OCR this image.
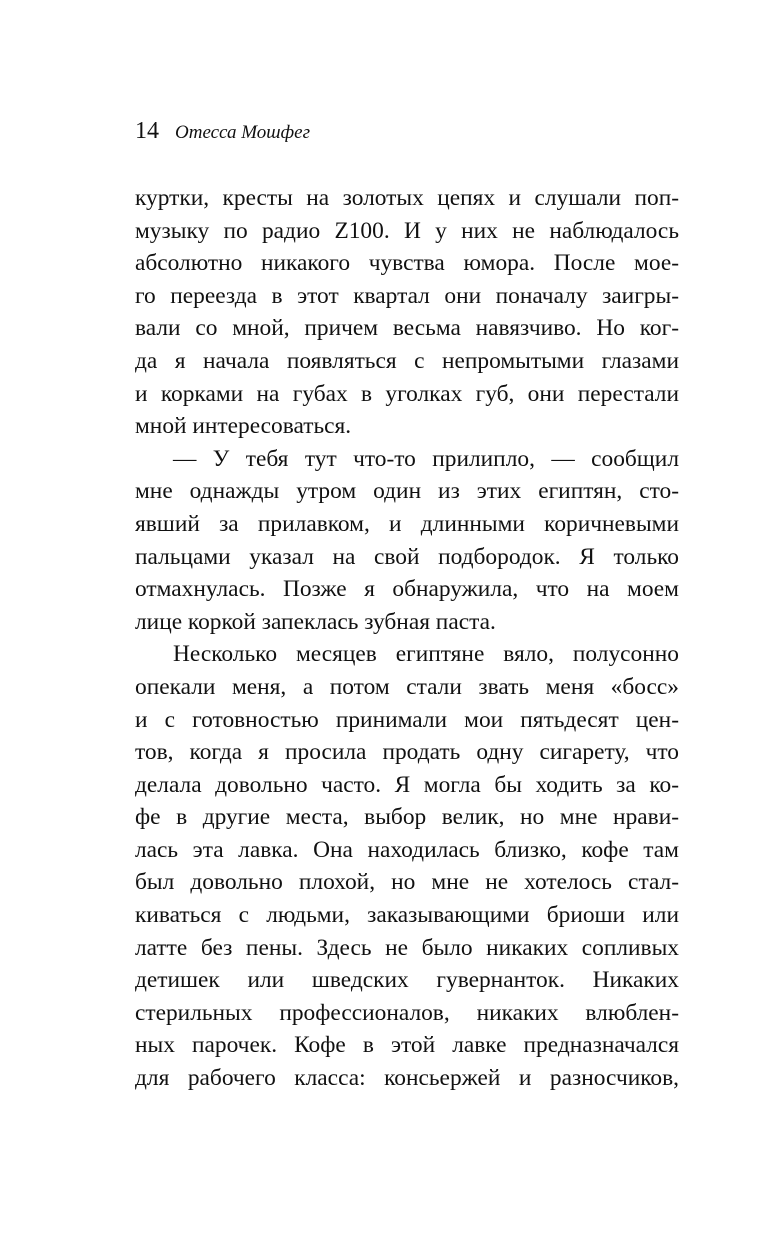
14 Отесса Мошфег
куртки, кресты на золотых цепях и слушали поп-
музыку по радио Z100. И у них не наблюдалось
абсолютно никакого чувства юмора. После мое-
го переезда в этот квартал они поначалу заигры-
вали со мной, причем весьма навязчиво. Но ког-
да я начала появляться с непромытыми глазами
и корками на губах в уголках губ, они перестали
мной интересоваться.
— У тебя тут что-то прилипло, — сообщил
мне однажды утром один из этих египтян, сто-
явший за прилавком, и длинными коричневыми
пальцами указал на свой подбородок. Я только
отмахнулась. Позже я обнаружила, что на моем
лице коркой запеклась зубная паста.
Несколько месяцев египтяне вяло, полусонно
опекали меня, а потом стали звать меня «босс»
и с готовностью принимали мои пятьдесят цен-
тов, когда я просила продать одну сигарету, что
делала довольно часто. Я могла бы ходить за ко-
фе в другие места, выбор велик, но мне нрави-
лась эта лавка. Она находилась близко, кофе там
был довольно плохой, но мне не хотелось стал-
киваться с людьми, заказывающими бриоши или
латте без пены. Здесь не было никаких сопливых
детишек или шведских гувернанток. Никаких
стерильных профессионалов, никаких влюблен-
ных парочек. Кофе в этой лавке предназначался
для рабочего класса: консьержей и разносчиков,
